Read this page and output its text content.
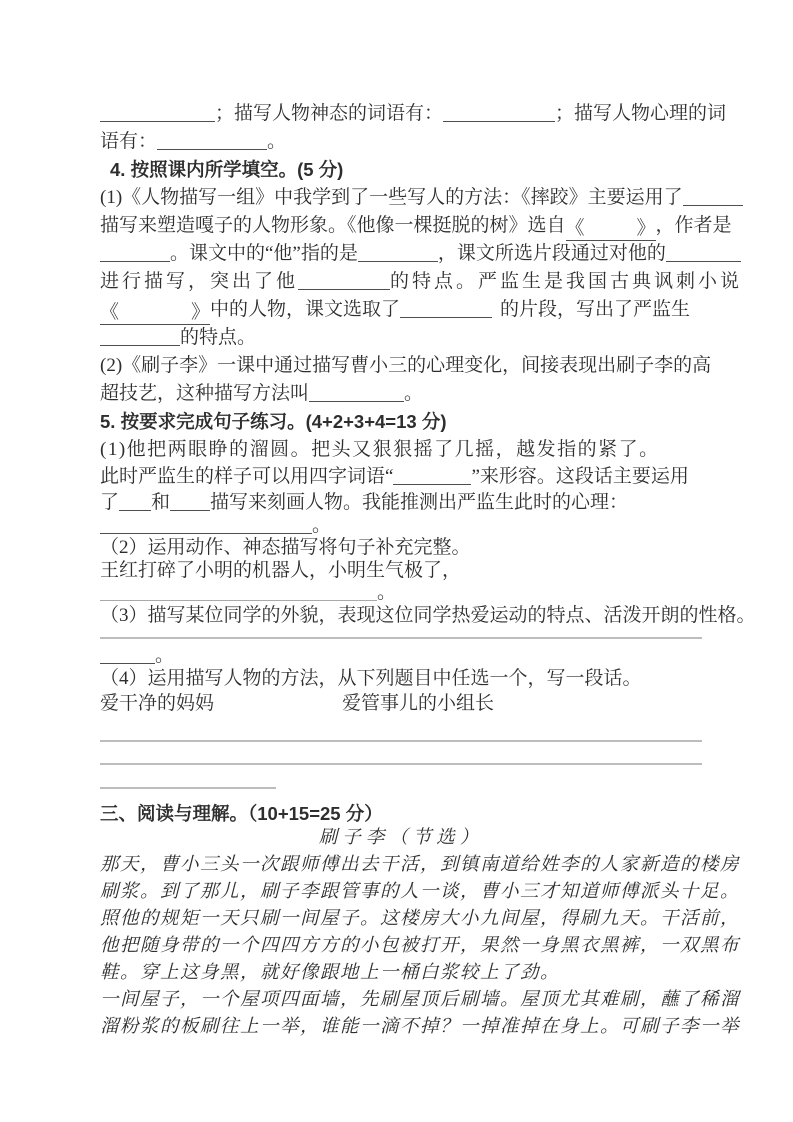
；描写人物神态的词语有：	；描写人物心理的词
语有：	。
4. 按照课内所学填空。(5 分)
(1)《人物描写一组》中我学到了一些写人的方法：《摔跤》主要运用了
描写来塑造嘎子的人物形象。《他像一棵挺脱的树》选自《	》，作者是
。课文中的“他”指的是	，课文所选片段通过对他的
进行描写，突出了他	的特点。严监生是我国古典讽刺小说
《	》中的人物，课文选取了	的片段，写出了严监生
的特点。
(2)《刷子李》一课中通过描写曹小三的心理变化，间接表现出刷子李的高
超技艺，这种描写方法叫	。
5. 按要求完成句子练习。(4+2+3+4=13 分)
(1)他把两眼睁的溜圆。把头又狠狠摇了几摇，越发指的紧了。
此时严监生的样子可以用四字词语“	”来形容。这段话主要运用
了 和 描写来刻画人物。我能推测出严监生此时的心理：
。
（2）运用动作、神态描写将句子补充完整。
王红打碎了小明的机器人，小明生气极了，
。
（3）描写某位同学的外貌，表现这位同学热爱运动的特点、活泼开朗的性格。
。
（4）运用描写人物的方法，从下列题目中任选一个，写一段话。
爱干净的妈妈	爱管事儿的小组长
三、阅读与理解。（10+15=25 分）
刷子李（节选）
那天，曹小三头一次跟师傅出去干活，到镇南道给姓李的人家新造的楼房
刷浆。到了那儿，刷子李跟管事的人一谈，曹小三才知道师傅派头十足。
照他的规矩一天只刷一间屋子。这楼房大小九间屋，得刷九天。干活前，
他把随身带的一个四四方方的小包被打开，果然一身黑衣黑裤，一双黑布
鞋。穿上这身黑，就好像跟地上一桶白浆较上了劲。
一间屋子，一个屋项四面墙，先刷屋顶后刷墙。屋顶尤其难刷，蘸了稀溜
溜粉浆的板刷往上一举，谁能一滴不掉？一掉准掉在身上。可刷子李一举
